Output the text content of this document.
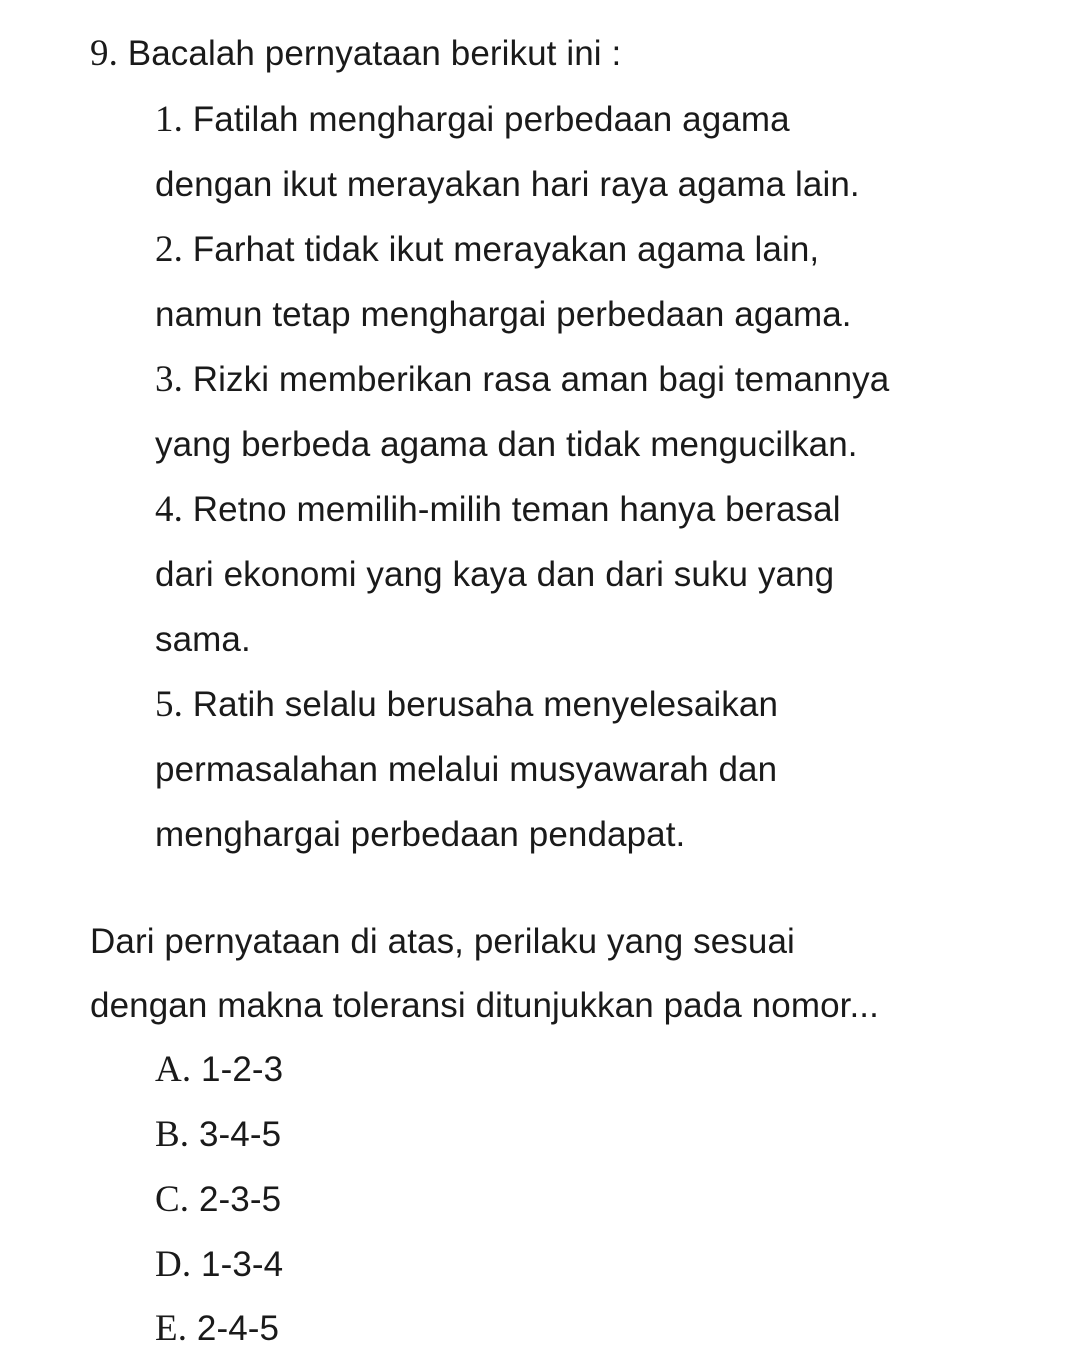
9. Bacalah pernyataan berikut ini :
1. Fatilah menghargai perbedaan agama
dengan ikut merayakan hari raya agama lain.
2. Farhat tidak ikut merayakan agama lain,
namun tetap menghargai perbedaan agama.
3. Rizki memberikan rasa aman bagi temannya
yang berbeda agama dan tidak mengucilkan.
4. Retno memilih-milih teman hanya berasal
dari ekonomi yang kaya dan dari suku yang
sama.
5. Ratih selalu berusaha menyelesaikan
permasalahan melalui musyawarah dan
menghargai perbedaan pendapat.
Dari pernyataan di atas, perilaku yang sesuai
dengan makna toleransi ditunjukkan pada nomor...
A. 1-2-3
B. 3-4-5
C. 2-3-5
D. 1-3-4
E. 2-4-5
